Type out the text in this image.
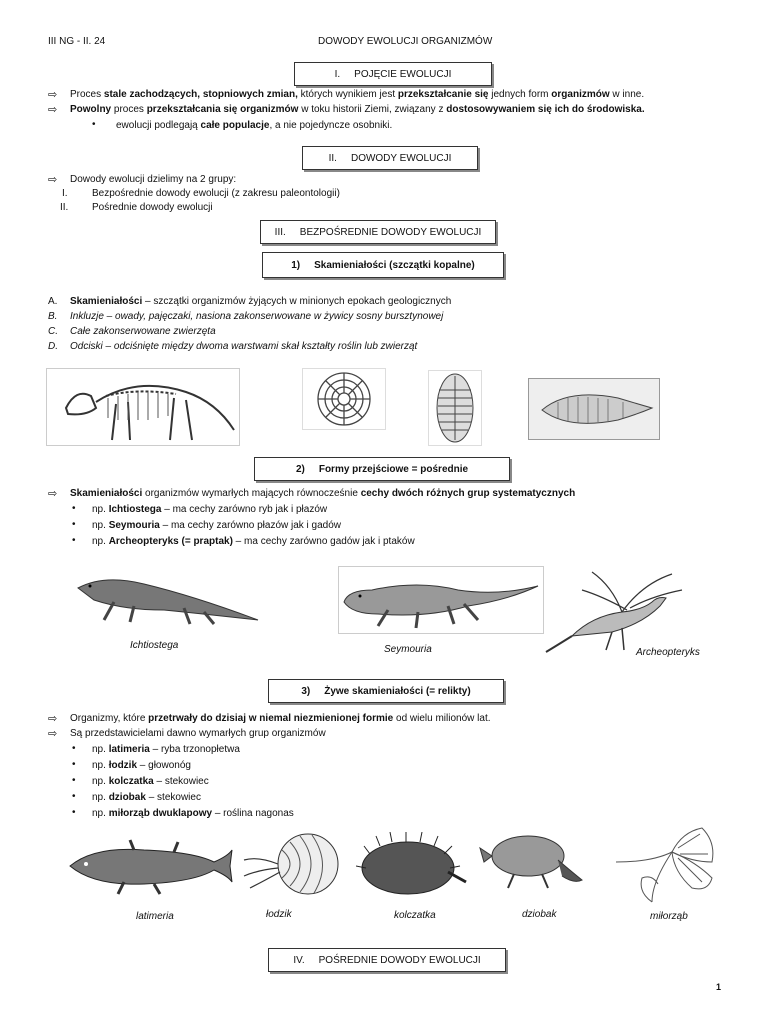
III NG - II. 24	DOWODY EWOLUCJI ORGANIZMÓW
I. POJĘCIE EWOLUCJI
⇨ Proces stale zachodzących, stopniowych zmian, których wynikiem jest przekształcanie się jednych form organizmów w inne.
⇨ Powolny proces przekształcania się organizmów w toku historii Ziemi, związany z dostosowywaniem się ich do środowiska.
• ewolucji podlegają całe populacje, a nie pojedyncze osobniki.
II. DOWODY EWOLUCJI
⇨ Dowody ewolucji dzielimy na 2 grupy:
I. Bezpośrednie dowody ewolucji (z zakresu paleontologii)
II. Pośrednie dowody ewolucji
III. BEZPOŚREDNIE DOWODY EWOLUCJI
1) Skamieniałości (szczątki kopalne)
A. Skamieniałości – szczątki organizmów żyjących w minionych epokach geologicznych
B. Inkluzje – owady, pajęczaki, nasiona zakonserwowane w żywicy sosny bursztynowej
C. Całe zakonserwowane zwierzęta
D. Odciski – odciśnięte między dwoma warstwami skał kształty roślin lub zwierząt
2) Formy przejściowe = pośrednie
⇨ Skamieniałości organizmów wymarłych mających równocześnie cechy dwóch różnych grup systematycznych
• np. Ichtiostega – ma cechy zarówno ryb jak i płazów
• np. Seymouria – ma cechy zarówno płazów jak i gadów
• np. Archeopteryks (= praptak) – ma cechy zarówno gadów jak i ptaków
Ichtiostega	Seymouria	Archeopteryks
3) Żywe skamieniałości (= relikty)
⇨ Organizmy, które przetrwały do dzisiaj w niemal niezmienionej formie od wielu milionów lat.
⇨ Są przedstawicielami dawno wymarłych grup organizmów
• np. latimeria – ryba trzonopłetwa
• np. łodzik – głowonóg
• np. kolczatka – stekowiec
• np. dziobak – stekowiec
• np. miłorząb dwuklapowy – roślina nagonas
latimeria	łodzik	kolczatka	dziobak	miłorząb
IV. POŚREDNIE DOWODY EWOLUCJI
1
